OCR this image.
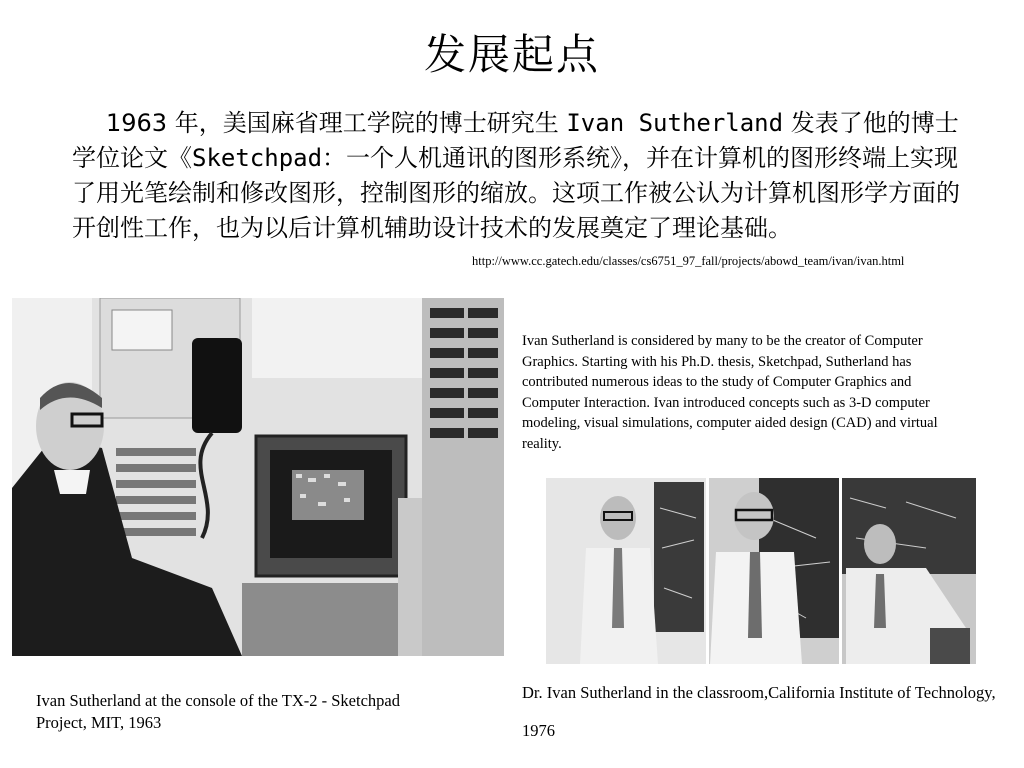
发展起点
1963 年，美国麻省理工学院的博士研究生 Ivan Sutherland 发表了他的博士学位论文《Sketchpad：一个人机通讯的图形系统》，并在计算机的图形终端上实现了用光笔绘制和修改图形，控制图形的缩放。这项工作被公认为计算机图形学方面的开创性工作，也为以后计算机辅助设计技术的发展奠定了理论基础。
http://www.cc.gatech.edu/classes/cs6751_97_fall/projects/abowd_team/ivan/ivan.html
Ivan Sutherland is considered by many to be the creator of Computer Graphics. Starting with his Ph.D. thesis, Sketchpad, Sutherland has contributed numerous ideas to the study of Computer Graphics and Computer Interaction. Ivan introduced concepts such as 3-D computer modeling, visual simulations, computer aided design (CAD) and virtual reality.
Ivan Sutherland at the console of the TX-2 - Sketchpad Project, MIT, 1963
Dr. Ivan Sutherland in the classroom,California Institute of Technology, 1976
